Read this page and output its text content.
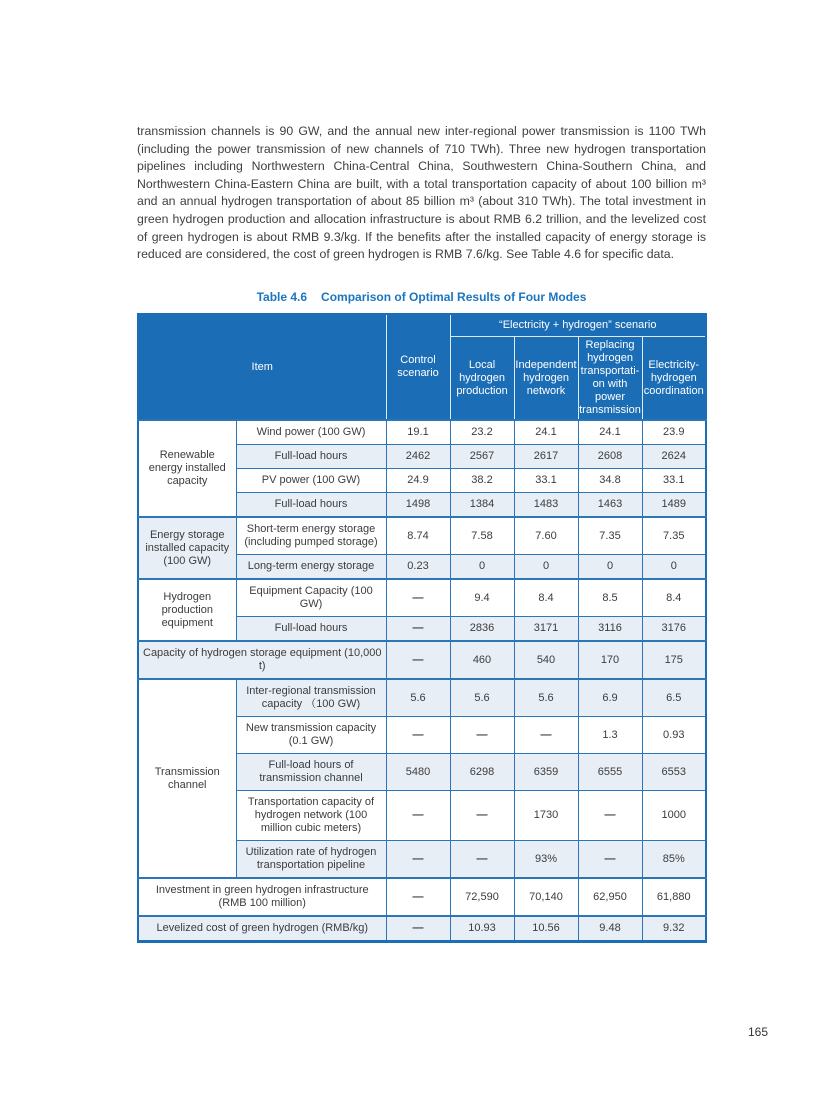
transmission channels is 90 GW, and the annual new inter-regional power transmission is 1100 TWh (including the power transmission of new channels of 710 TWh). Three new hydrogen transportation pipelines including Northwestern China-Central China, Southwestern China-Southern China, and Northwestern China-Eastern China are built, with a total transportation capacity of about 100 billion m³ and an annual hydrogen transportation of about 85 billion m³ (about 310 TWh). The total investment in green hydrogen production and allocation infrastructure is about RMB 6.2 trillion, and the levelized cost of green hydrogen is about RMB 9.3/kg. If the benefits after the installed capacity of energy storage is reduced are considered, the cost of green hydrogen is RMB 7.6/kg. See Table 4.6 for specific data.

Table 4.6 Comparison of Optimal Results of Four Modes
Item		Control scenario	“Electricity + hydrogen” scenario			
			Local hydrogen production	Independent hydrogen network	Replacing hydrogen transportati-on with power transmission	Electricity-hydrogen coordination
Renewable energy installed capacity	Wind power (100 GW)	19.1	23.2	24.1	24.1	23.9
	Full-load hours	2462	2567	2617	2608	2624
	PV power (100 GW)	24.9	38.2	33.1	34.8	33.1
	Full-load hours	1498	1384	1483	1463	1489
Energy storage installed capacity (100 GW)	Short-term energy storage (including pumped storage)	8.74	7.58	7.60	7.35	7.35
	Long-term energy storage	0.23	0	0	0	0
Hydrogen production equipment	Equipment Capacity (100 GW)	—	9.4	8.4	8.5	8.4
	Full-load hours	—	2836	3171	3116	3176
Capacity of hydrogen storage equipment (10,000 t)		—	460	540	170	175
Transmission channel	Inter-regional transmission capacity （100 GW)	5.6	5.6	5.6	6.9	6.5
	New transmission capacity (0.1 GW)	—	—	—	1.3	0.93
	Full-load hours of transmission channel	5480	6298	6359	6555	6553
	Transportation capacity of hydrogen network (100 million cubic meters)	—	—	1730	—	1000
	Utilization rate of hydrogen transportation pipeline	—	—	93%	—	85%
Investment in green hydrogen infrastructure (RMB 100 million)		—	72,590	70,140	62,950	61,880
Levelized cost of green hydrogen (RMB/kg)		—	10.93	10.56	9.48	9.32
165
